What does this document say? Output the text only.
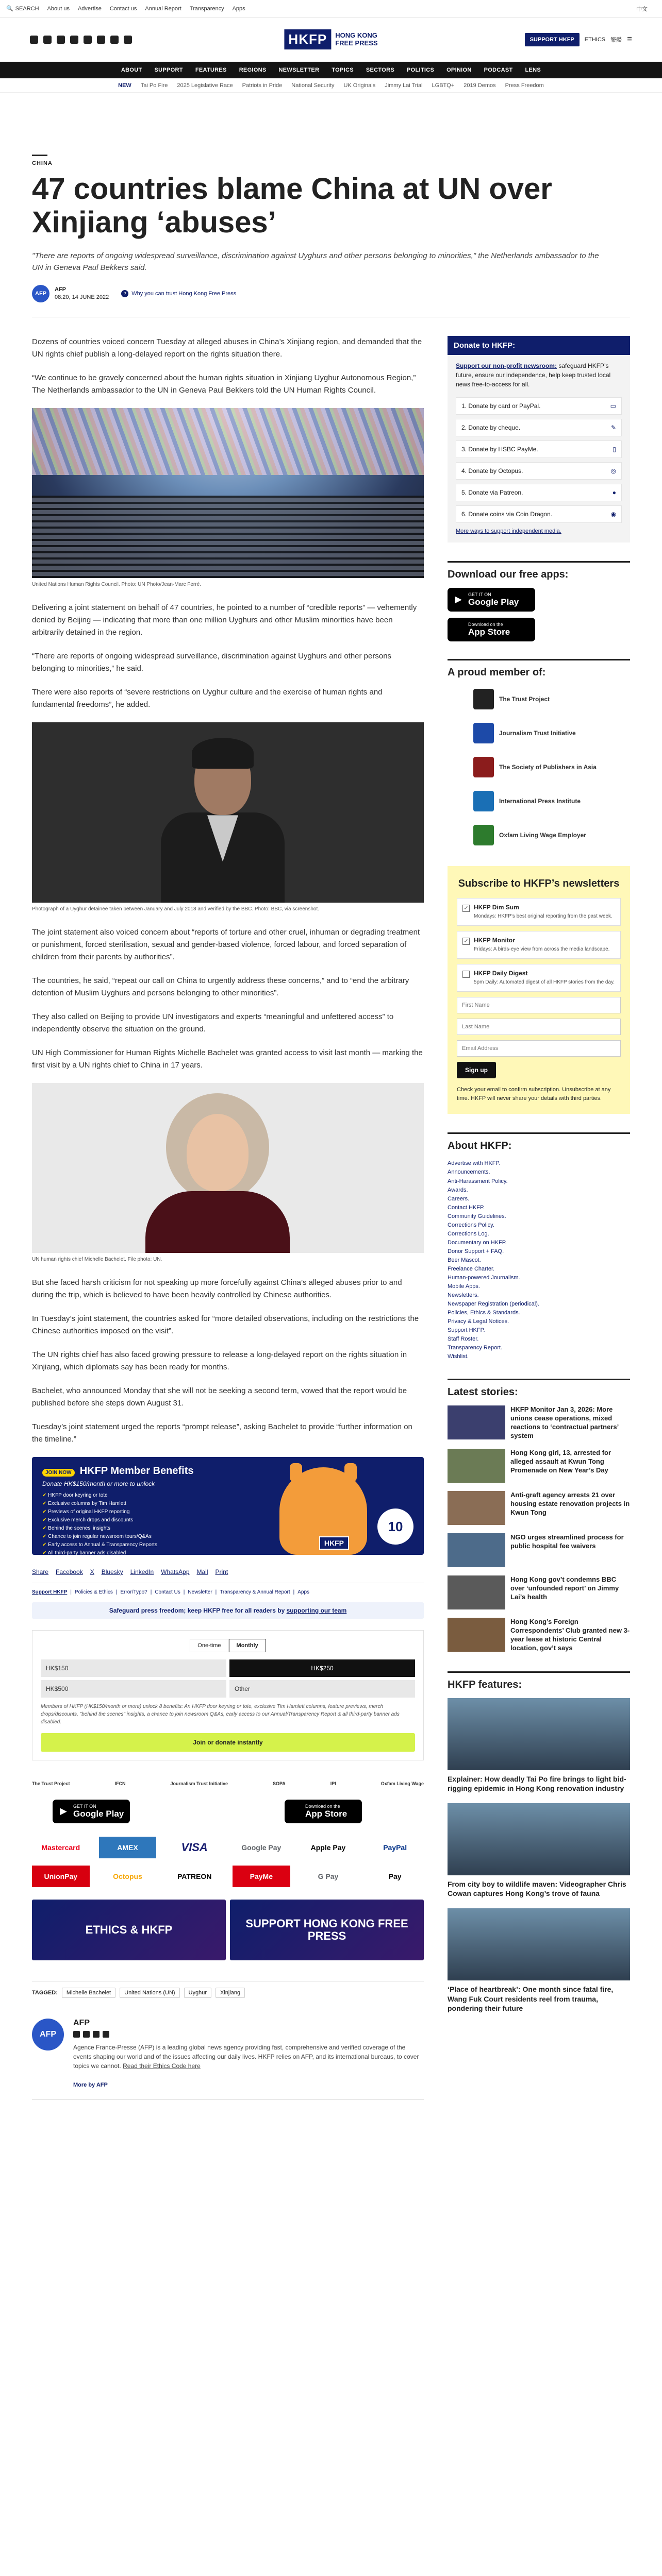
🔍 SEARCH About us Advertise Contact us Annual Report Transparency Apps	中文
HKFP	HONG KONG
FREE PRESS	SUPPORT HKFP	ETHICS 繁體 ☰
ABOUT SUPPORT FEATURES REGIONS NEWSLETTER TOPICS SECTORS POLITICS OPINION PODCAST LENS
NEW Tai Po Fire 2025 Legislative Race Patriots in Pride National Security UK Originals Jimmy Lai Trial LGBTQ+ 2019 Demos Press Freedom
CHINA
47 countries blame China at UN over Xinjiang ‘abuses’

"There are reports of ongoing widespread surveillance, discrimination against Uyghurs and other persons belonging to minorities," the Netherlands ambassador to the UN in Geneva Paul Bekkers said.

AFP
AFP
08:20, 14 JUNE 2022
? Why you can trust Hong Kong Free Press

Dozens of countries voiced concern Tuesday at alleged abuses in China’s Xinjiang region, and demanded that the UN rights chief publish a long-delayed report on the rights situation there.

“We continue to be gravely concerned about the human rights situation in Xinjiang Uyghur Autonomous Region,” The Netherlands ambassador to the UN in Geneva Paul Bekkers told the UN Human Rights Council.

United Nations Human Rights Council. Photo: UN Photo/Jean-Marc Ferré.

Delivering a joint statement on behalf of 47 countries, he pointed to a number of “credible reports” — vehemently denied by Beijing — indicating that more than one million Uyghurs and other Muslim minorities have been arbitrarily detained in the region.

“There are reports of ongoing widespread surveillance, discrimination against Uyghurs and other persons belonging to minorities,” he said.

There were also reports of “severe restrictions on Uyghur culture and the exercise of human rights and fundamental freedoms”, he added.

Photograph of a Uyghur detainee taken between January and July 2018 and verified by the BBC. Photo: BBC, via screenshot.

The joint statement also voiced concern about “reports of torture and other cruel, inhuman or degrading treatment or punishment, forced sterilisation, sexual and gender-based violence, forced labour, and forced separation of children from their parents by authorities”.

The countries, he said, “repeat our call on China to urgently address these concerns,” and to “end the arbitrary detention of Muslim Uyghurs and persons belonging to other minorities”.

They also called on Beijing to provide UN investigators and experts “meaningful and unfettered access” to independently observe the situation on the ground.

UN High Commissioner for Human Rights Michelle Bachelet was granted access to visit last month — marking the first visit by a UN rights chief to China in 17 years.

UN human rights chief Michelle Bachelet. File photo: UN.

But she faced harsh criticism for not speaking up more forcefully against China’s alleged abuses prior to and during the trip, which is believed to have been heavily controlled by Chinese authorities.

In Tuesday’s joint statement, the countries asked for “more detailed observations, including on the restrictions the Chinese authorities imposed on the visit”.

The UN rights chief has also faced growing pressure to release a long-delayed report on the rights situation in Xinjiang, which diplomats say has been ready for months.

Bachelet, who announced Monday that she will not be seeking a second term, vowed that the report would be published before she steps down August 31.

Tuesday’s joint statement urged the reports “prompt release”, asking Bachelet to provide “further information on the timeline.”

JOIN NOW HKFP Member Benefits
Donate HK$150/month or more to unlock
✔ HKFP door keyring or tote
✔ Exclusive columns by Tim Hamlett
✔ Previews of original HKFP reporting
✔ Exclusive merch drops and discounts
✔ Behind the scenes' insights
✔ Chance to join regular newsroom tours/Q&As
✔ Early access to Annual & Transparency Reports
✔ All third-party banner ads disabled
HKFP
10
Share Facebook X Bluesky LinkedIn WhatsApp Mail Print
Support HKFP | Policies & Ethics | Error/Typo? | Contact Us | Newsletter | Transparency & Annual Report | Apps
Safeguard press freedom; keep HKFP free for all readers by supporting our team
One-time	Monthly
HK$150	HK$250
HK$500	Other
Members of HKFP (HK$150/month or more) unlock 8 benefits: An HKFP door keyring or tote, exclusive Tim Hamlett columns, feature previews, merch drops/discounts, "behind the scenes" insights, a chance to join newsroom Q&As, early access to our Annual/Transparency Report & all third-party banner ads disabled.
Join or donate instantly
The Trust Project	IFCN	Journalism Trust Initiative	SOPA	IPI	Oxfam Living Wage
▶ GET IT ON
Google Play
Download on the
App Store
Mastercard	AMEX	VISA	Google Pay	Apple Pay	PayPal
UnionPay	Octopus	PATREON	PayMe	G Pay	Pay
ETHICS & HKFP	SUPPORT HONG KONG FREE PRESS
TAGGED:	Michelle Bachelet	United Nations (UN)	Uyghur	Xinjiang
AFP
AFP

Agence France-Presse (AFP) is a leading global news agency providing fast, comprehensive and verified coverage of the events shaping our world and of the issues affecting our daily lives. HKFP relies on AFP, and its international bureaus, to cover topics we cannot. Read their Ethics Code here

More by AFP
Donate to HKFP:
Support our non-profit newsroom: safeguard HKFP’s future, ensure our independence, help keep trusted local news free-to-access for all.
1. Donate by card or PayPal.	▭
2. Donate by cheque.	✎
3. Donate by HSBC PayMe.	▯
4. Donate by Octopus.	◎
5. Donate via Patreon.	●
6. Donate coins via Coin Dragon.	◉
More ways to support independent media.
Download our free apps:
▶ GET IT ON
Google Play
Download on the
App Store
A proud member of:
The Trust Project
Journalism Trust Initiative
The Society of Publishers in Asia
International Press Institute
Oxfam Living Wage Employer
Subscribe to HKFP’s newsletters
✓ HKFP Dim Sum
Mondays: HKFP’s best original reporting from the past week.
✓ HKFP Monitor
Fridays: A birds-eye view from across the media landscape.
HKFP Daily Digest
5pm Daily: Automated digest of all HKFP stories from the day.
First Name Last Name Email Address Sign up
Check your email to confirm subscription. Unsubscribe at any time. HKFP will never share your details with third parties.
About HKFP:
Advertise with HKFP.
Announcements.
Anti-Harassment Policy.
Awards.
Careers.
Contact HKFP.
Community Guidelines.
Corrections Policy.
Corrections Log.
Documentary on HKFP.
Donor Support + FAQ.
Beer Mascot.
Freelance Charter.
Human-powered Journalism.
Mobile Apps.
Newsletters.
Newspaper Registration (periodical).
Policies, Ethics & Standards.
Privacy & Legal Notices.
Support HKFP.
Staff Roster.
Transparency Report.
Wishlist.
Latest stories:
HKFP Monitor Jan 3, 2026: More unions cease operations, mixed reactions to ‘contractual partners’ system
Hong Kong girl, 13, arrested for alleged assault at Kwun Tong Promenade on New Year’s Day
Anti-graft agency arrests 21 over housing estate renovation projects in Kwun Tong
NGO urges streamlined process for public hospital fee waivers
Hong Kong gov’t condemns BBC over ‘unfounded report’ on Jimmy Lai’s health
Hong Kong’s Foreign Correspondents’ Club granted new 3-year lease at historic Central location, gov’t says
HKFP features:
Explainer: How deadly Tai Po fire brings to light bid-rigging epidemic in Hong Kong renovation industry
From city boy to wildlife maven: Videographer Chris Cowan captures Hong Kong’s trove of fauna
‘Place of heartbreak’: One month since fatal fire, Wang Fuk Court residents reel from trauma, pondering their future
